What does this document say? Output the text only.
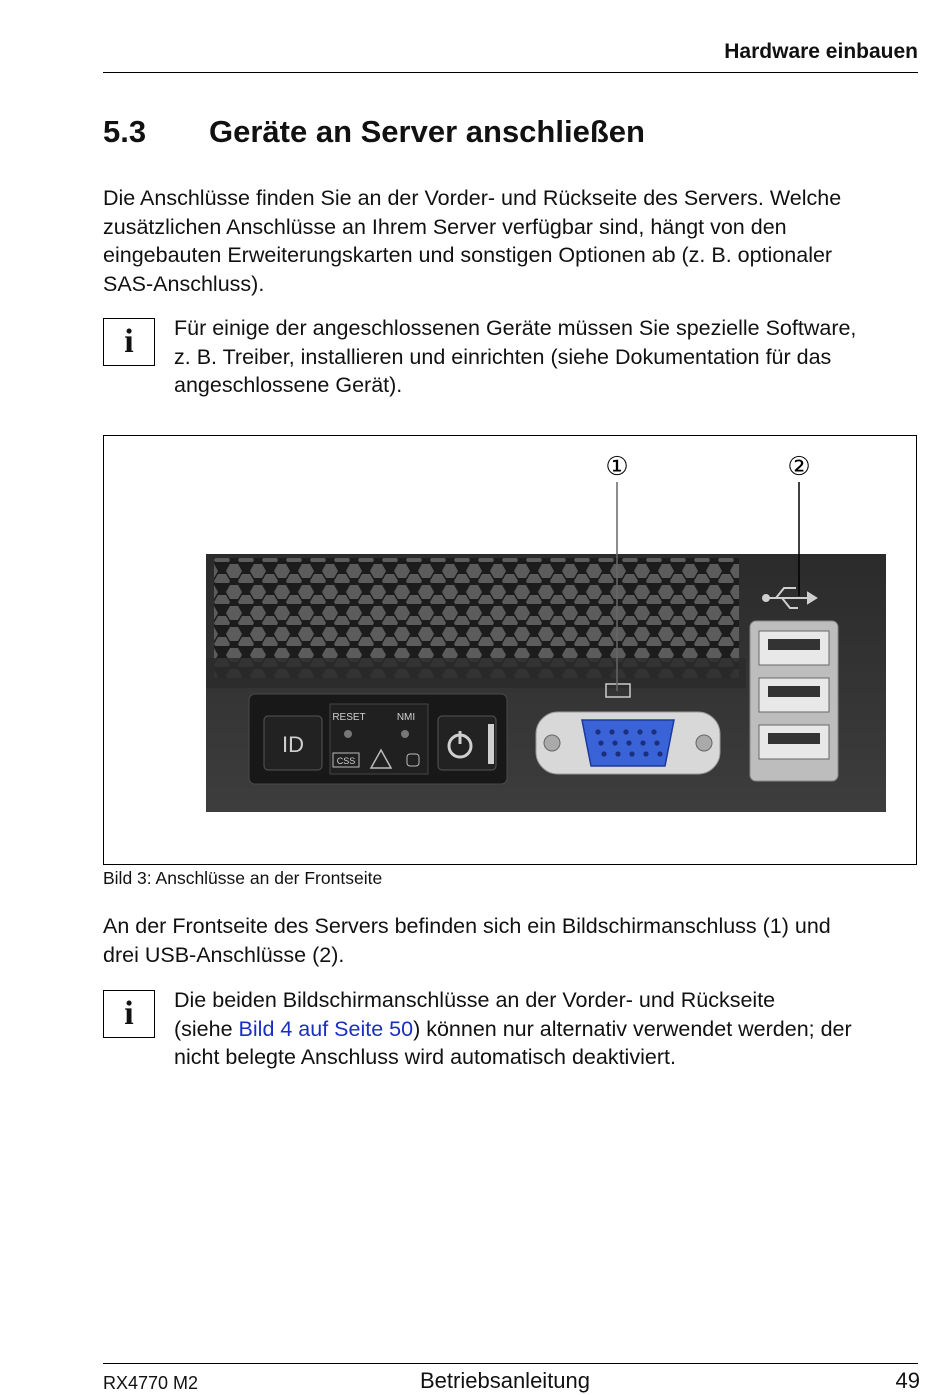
Hardware einbauen
5.3 Geräte an Server anschließen
Die Anschlüsse finden Sie an der Vorder- und Rückseite des Servers. Welche
zusätzlichen Anschlüsse an Ihrem Server verfügbar sind, hängt von den
eingebauten Erweiterungskarten und sonstigen Optionen ab (z. B. optionaler
SAS-Anschluss).
i	Für einige der angeschlossenen Geräte müssen Sie spezielle Software,
z. B. Treiber, installieren und einrichten (siehe Dokumentation für das
angeschlossene Gerät).
ID
RESET	NMI
CSS
①	②
Bild 3: Anschlüsse an der Frontseite
An der Frontseite des Servers befinden sich ein Bildschirmanschluss (1) und
drei USB-Anschlüsse (2).
i	Die beiden Bildschirmanschlüsse an der Vorder- und Rückseite
(siehe Bild 4 auf Seite 50) können nur alternativ verwendet werden; der
nicht belegte Anschluss wird automatisch deaktiviert.
RX4770 M2	Betriebsanleitung	49
